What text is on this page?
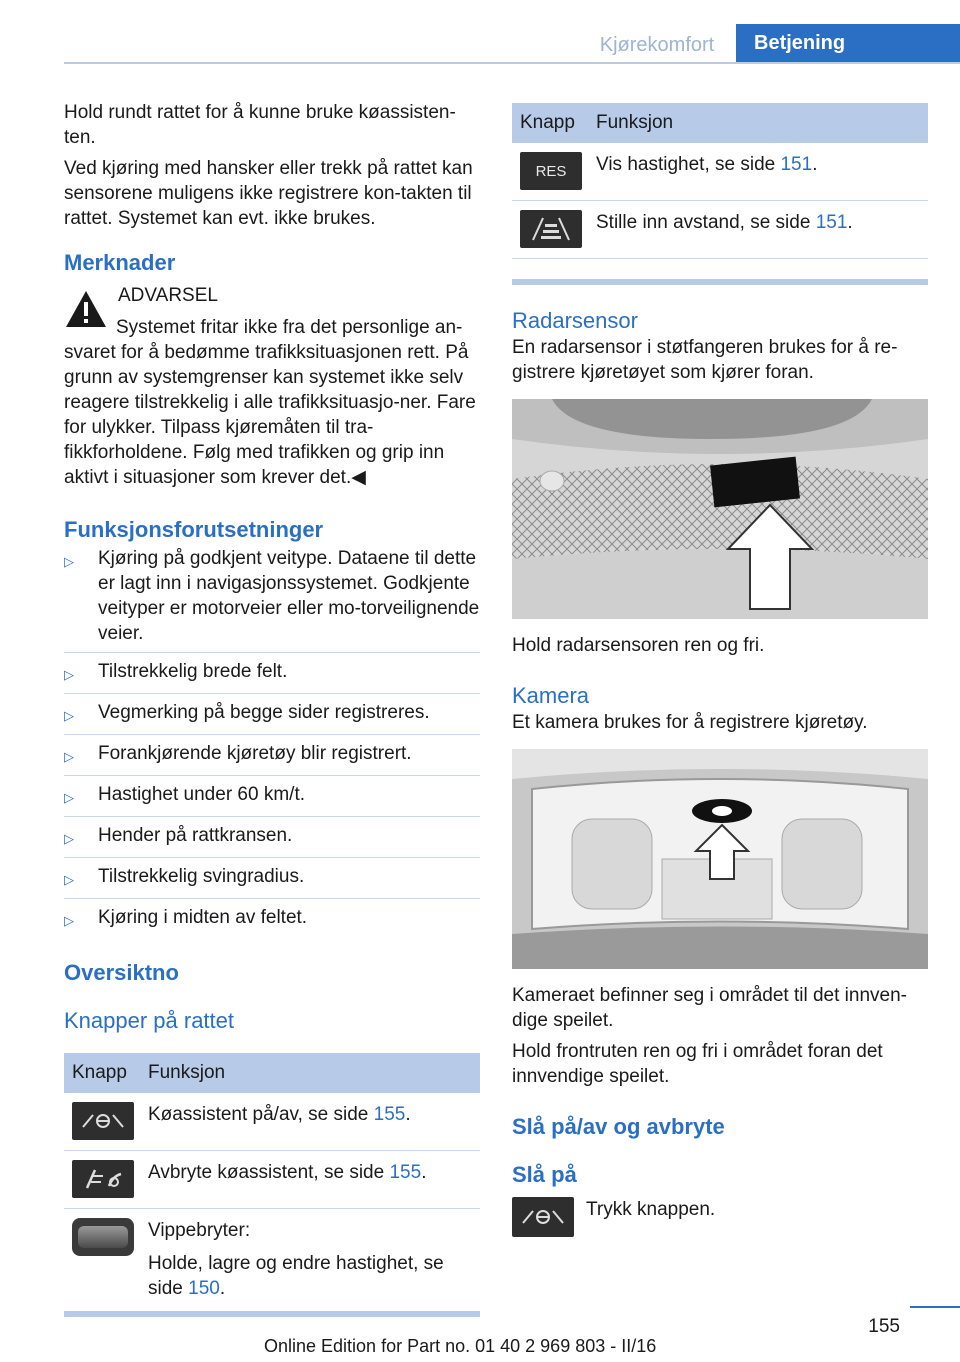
Kjørekomfort	Betjening
Hold rundt rattet for å kunne bruke køassisten‐ten.
Ved kjøring med hansker eller trekk på rattet kan sensorene muligens ikke registrere kon‐takten til rattet. Systemet kan evt. ikke brukes.
Merknader
ADVARSEL
Systemet fritar ikke fra det personlige an‐svaret for å bedømme trafikksituasjonen rett. På grunn av systemgrenser kan systemet ikke selv reagere tilstrekkelig i alle trafikksituasjo‐ner. Fare for ulykker. Tilpass kjøremåten til tra‐fikkforholdene. Følg med trafikken og grip inn aktivt i situasjoner som krever det.◀
Funksjonsforutsetninger
▷	Kjøring på godkjent veitype. Dataene til dette er lagt inn i navigasjonssystemet. Godkjente veityper er motorveier eller mo‐torveilignende veier.
▷	Tilstrekkelig brede felt.
▷	Vegmerking på begge sider registreres.
▷	Forankjørende kjøretøy blir registrert.
▷	Hastighet under 60 km/t.
▷	Hender på rattkransen.
▷	Tilstrekkelig svingradius.
▷	Kjøring i midten av feltet.
Oversiktno
Knapper på rattet
Knapp	Funksjon

	Køassistent på/av, se side 155.

	Avbryte køassistent, se side 155.

	Vippebryter:
Holde, lagre og endre hastighet, se side 150.
Knapp	Funksjon

RES	Vis hastighet, se side 151.

	Stille inn avstand, se side 151.
Radarsensor
En radarsensor i støtfangeren brukes for å re‐gistrere kjøretøyet som kjører foran.
Hold radarsensoren ren og fri.
Kamera
Et kamera brukes for å registrere kjøretøy.
Kameraet befinner seg i området til det innven‐dige speilet.
Hold frontruten ren og fri i området foran det innvendige speilet.
Slå på/av og avbryte
Slå på
Trykk knappen.
155
Online Edition for Part no. 01 40 2 969 803 - II/16
